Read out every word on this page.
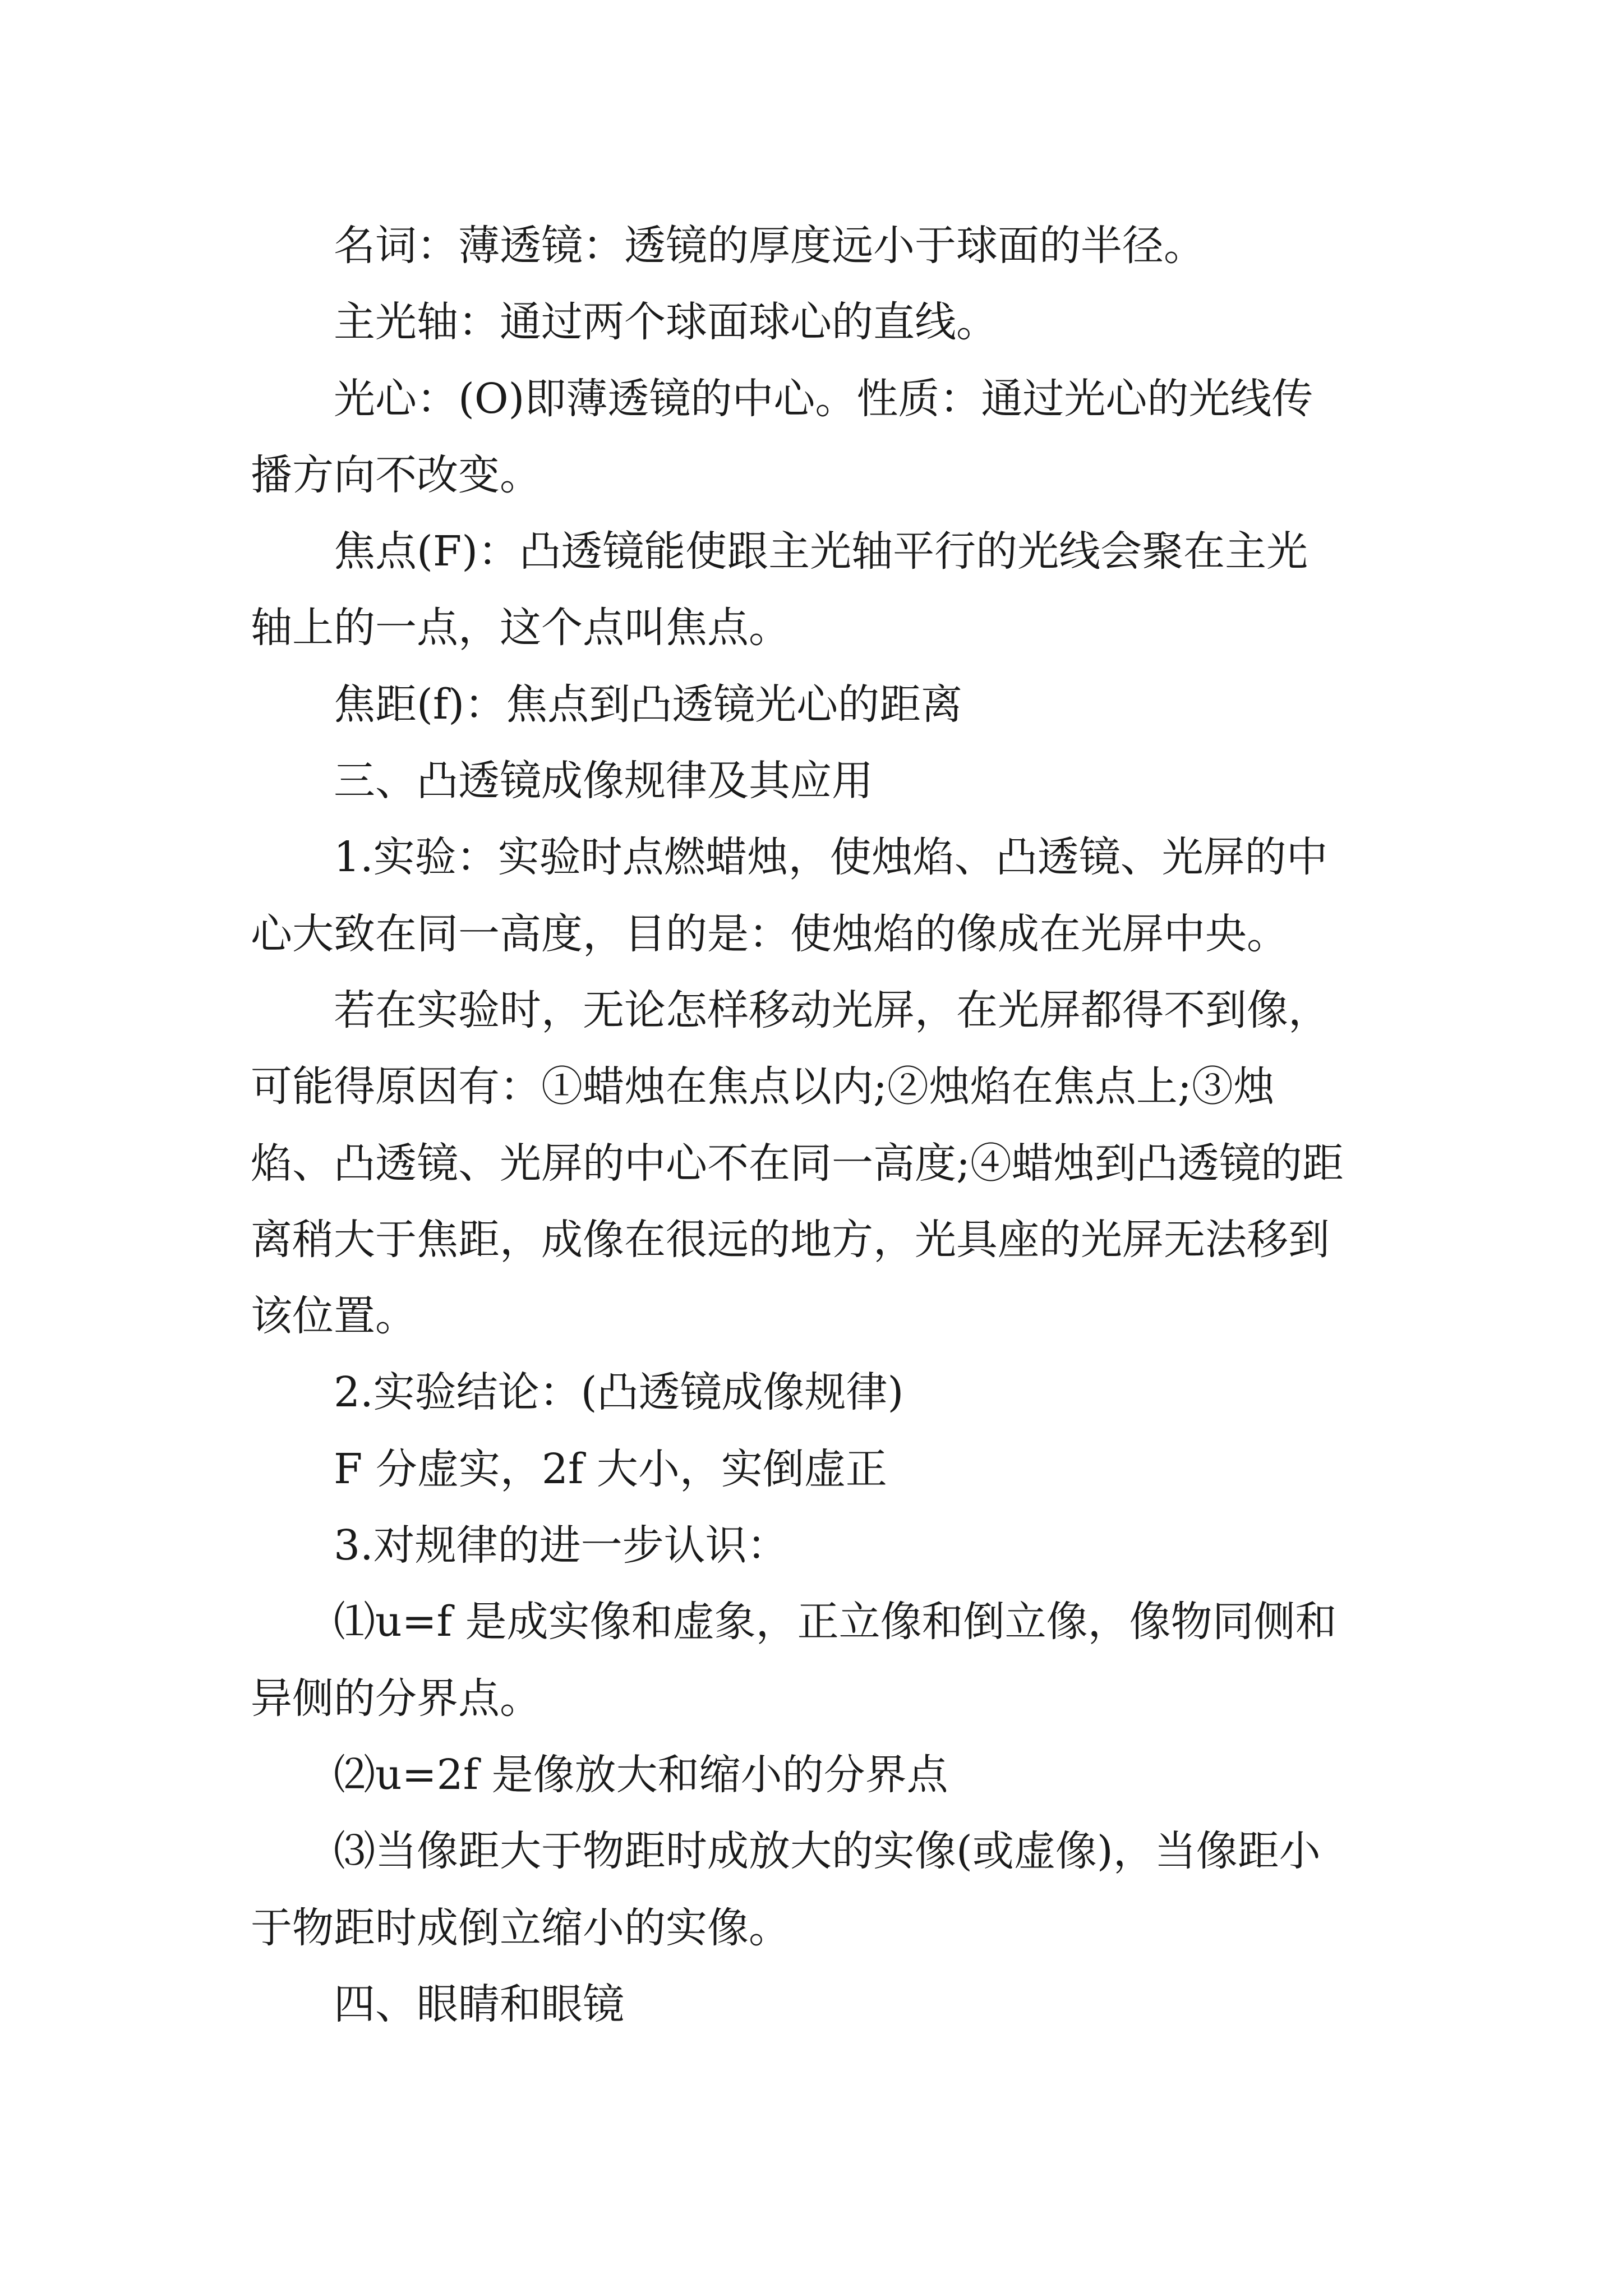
名词：薄透镜：透镜的厚度远小于球面的半径。

主光轴：通过两个球面球心的直线。

光心：(O)即薄透镜的中心。性质：通过光心的光线传
播方向不改变。

焦点(F)：凸透镜能使跟主光轴平行的光线会聚在主光
轴上的一点，这个点叫焦点。

焦距(f)：焦点到凸透镜光心的距离

三、凸透镜成像规律及其应用

1.实验：实验时点燃蜡烛，使烛焰、凸透镜、光屏的中
心大致在同一高度，目的是：使烛焰的像成在光屏中央。

若在实验时，无论怎样移动光屏，在光屏都得不到像，
可能得原因有：①蜡烛在焦点以内;②烛焰在焦点上;③烛
焰、凸透镜、光屏的中心不在同一高度;④蜡烛到凸透镜的距
离稍大于焦距，成像在很远的地方，光具座的光屏无法移到
该位置。

2.实验结论：(凸透镜成像规律)

F 分虚实，2f 大小，实倒虚正

3.对规律的进一步认识：

⑴u=f 是成实像和虚象，正立像和倒立像，像物同侧和
异侧的分界点。

⑵u=2f 是像放大和缩小的分界点

⑶当像距大于物距时成放大的实像(或虚像)，当像距小
于物距时成倒立缩小的实像。

四、眼睛和眼镜
